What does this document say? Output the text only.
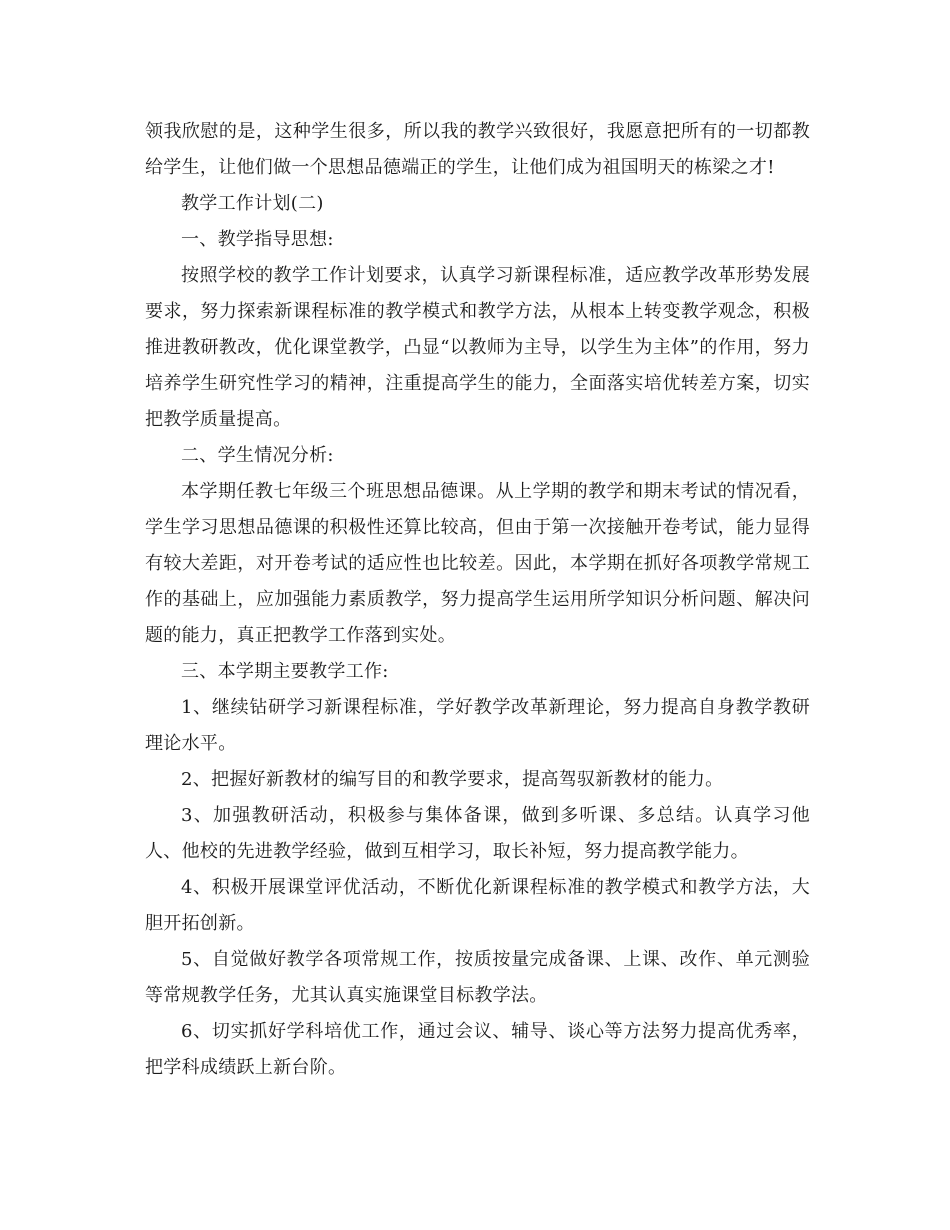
领我欣慰的是，这种学生很多，所以我的教学兴致很好，我愿意把所有的一切都教给学生，让他们做一个思想品德端正的学生，让他们成为祖国明天的栋梁之才!

教学工作计划(二)

一、教学指导思想:

按照学校的教学工作计划要求，认真学习新课程标准，适应教学改革形势发展要求，努力探索新课程标准的教学模式和教学方法，从根本上转变教学观念，积极推进教研教改，优化课堂教学，凸显“以教师为主导，以学生为主体”的作用，努力培养学生研究性学习的精神，注重提高学生的能力，全面落实培优转差方案，切实把教学质量提高。

二、学生情况分析:

本学期任教七年级三个班思想品德课。从上学期的教学和期末考试的情况看，学生学习思想品德课的积极性还算比较高，但由于第一次接触开卷考试，能力显得有较大差距，对开卷考试的适应性也比较差。因此，本学期在抓好各项教学常规工作的基础上，应加强能力素质教学，努力提高学生运用所学知识分析问题、解决问题的能力，真正把教学工作落到实处。

三、本学期主要教学工作:

1、继续钻研学习新课程标准，学好教学改革新理论，努力提高自身教学教研理论水平。

2、把握好新教材的编写目的和教学要求，提高驾驭新教材的能力。

3、加强教研活动，积极参与集体备课，做到多听课、多总结。认真学习他人、他校的先进教学经验，做到互相学习，取长补短，努力提高教学能力。

4、积极开展课堂评优活动，不断优化新课程标准的教学模式和教学方法，大胆开拓创新。

5、自觉做好教学各项常规工作，按质按量完成备课、上课、改作、单元测验等常规教学任务，尤其认真实施课堂目标教学法。

6、切实抓好学科培优工作，通过会议、辅导、谈心等方法努力提高优秀率，把学科成绩跃上新台阶。
